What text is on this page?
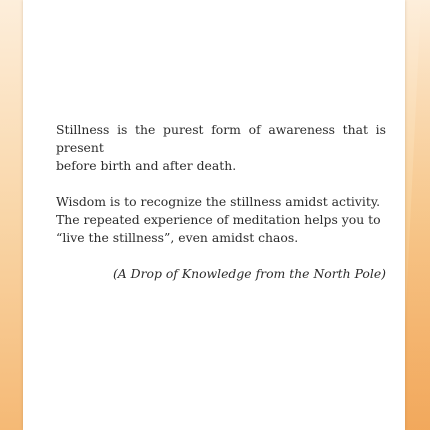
Stillness is the purest form of awareness that is present
before birth and after death.

Wisdom is to recognize the stillness amidst activity.
The repeated experience of meditation helps you to
“live the stillness”, even amidst chaos.

(A Drop of Knowledge from the North Pole)
